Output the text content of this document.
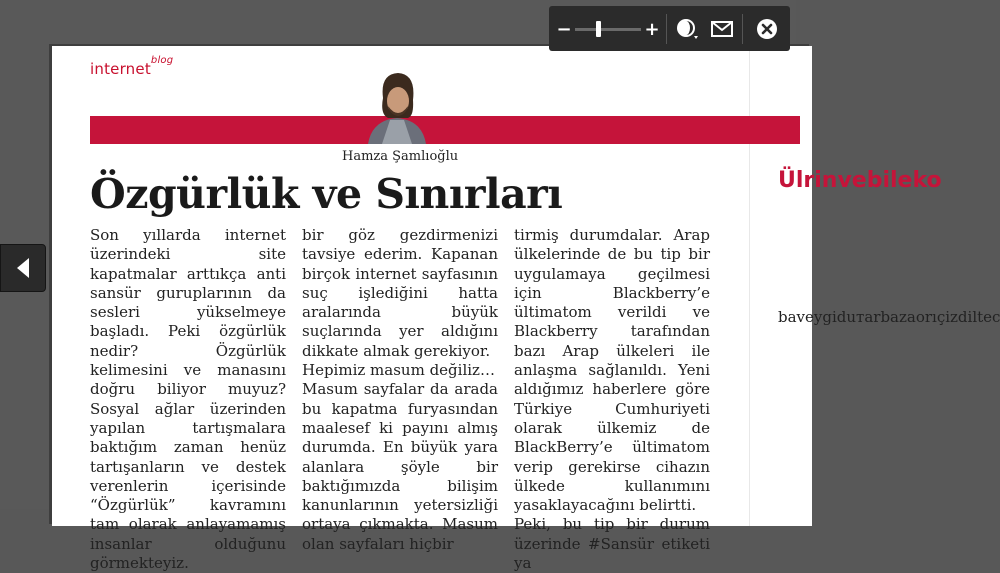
internet$^{blog}$
Hamza Şamlıoğlu
Özgürlük ve Sınırları

Son yıllarda internet üzerindeki site kapatmalar arttıkça anti sansür guruplarının da sesleri yükselmeye başladı. Peki özgürlük nedir? Özgürlük kelimesini ve manasını doğru biliyor muyuz? Sosyal ağlar üzerinden yapılan tartışmalara baktığım zaman henüz tartışanların ve destek verenlerin içerisinde “Özgürlük” kavramını tam olarak anlayamamış insanlar olduğunu görmekteyiz.

bir göz gezdirmenizi tavsiye ederim. Kapanan birçok internet sayfasının suç işlediğini hatta aralarında büyük suçlarında yer aldığını dikkate almak gerekiyor.

Hepimiz masum değiliz…

Masum sayfalar da arada bu kapatma furyasından maalesef ki payını almış durumda. En büyük yara alanlara şöyle bir baktığımızda bilişim kanunlarının yetersizliği ortaya çıkmakta. Masum olan sayfaları hiçbir

tirmiş durumdalar. Arap ülkelerinde de bu tip bir uygulamaya geçilmesi için Blackberry’e ültimatom verildi ve Blackberry tarafından bazı Arap ülkeleri ile anlaşma sağlanıldı. Yeni aldığımız haberlere göre Türkiye Cumhuriyeti olarak ülkemiz de BlackBerry’e ültimatom verip gerekirse cihazın ülkede kullanımını yasaklayacağını belirtti.

Peki, bu tip bir durum üzerinde #Sansür etiketi ya

Ülrinvebileko
baveygiduтаrbazaorıçizdiltec
−	+
